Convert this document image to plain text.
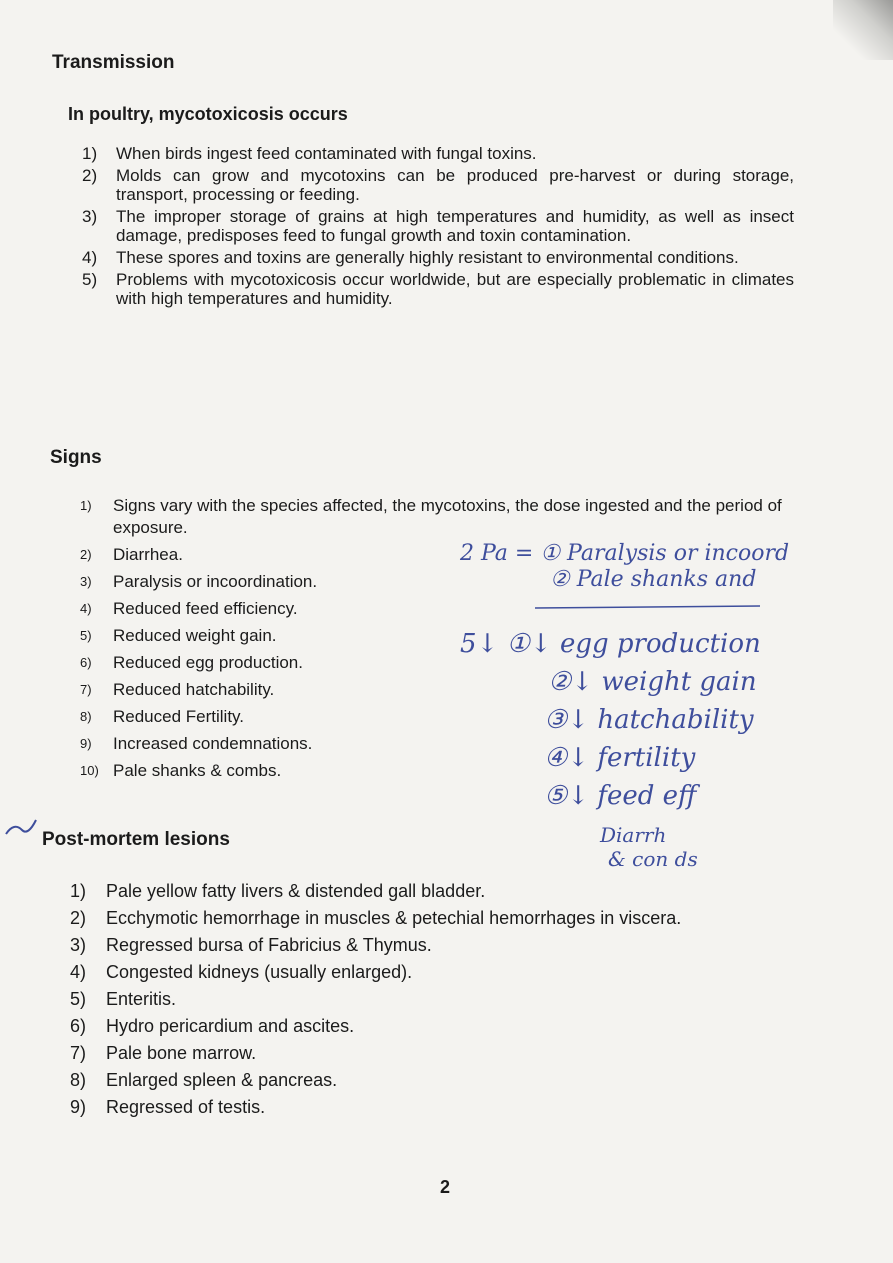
Transmission
In poultry, mycotoxicosis occurs
1)	When birds ingest feed contaminated with fungal toxins.
2)	Molds can grow and mycotoxins can be produced pre-harvest or during storage, transport, processing or feeding.
3)	The improper storage of grains at high temperatures and humidity, as well as insect damage, predisposes feed to fungal growth and toxin contamination.
4)	These spores and toxins are generally highly resistant to environmental conditions.
5)	Problems with mycotoxicosis occur worldwide, but are especially problematic in climates with high temperatures and humidity.
Signs
1)	Signs vary with the species affected, the mycotoxins, the dose ingested and the period of exposure.
2)	Diarrhea.
3)	Paralysis or incoordination.
4)	Reduced feed efficiency.
5)	Reduced weight gain.
6)	Reduced egg production.
7)	Reduced hatchability.
8)	Reduced Fertility.
9)	Increased condemnations.
10) Pale shanks & combs.
Post-mortem lesions
1)	Pale yellow fatty livers & distended gall bladder.
2)	Ecchymotic hemorrhage in muscles & petechial hemorrhages in viscera.
3)	Regressed bursa of Fabricius & Thymus.
4)	Congested kidneys (usually enlarged).
5)	Enteritis.
6)	Hydro pericardium and ascites.
7)	Pale bone marrow.
8)	Enlarged spleen & pancreas.
9)	Regressed of testis.
2
2 Pa = ① Paralysis or incoord
② Pale shanks and
5↓ ①↓ egg production
②↓ weight gain
③↓ hatchability
④↓ fertility
⑤↓ feed eff
Diarrh
& con ds
